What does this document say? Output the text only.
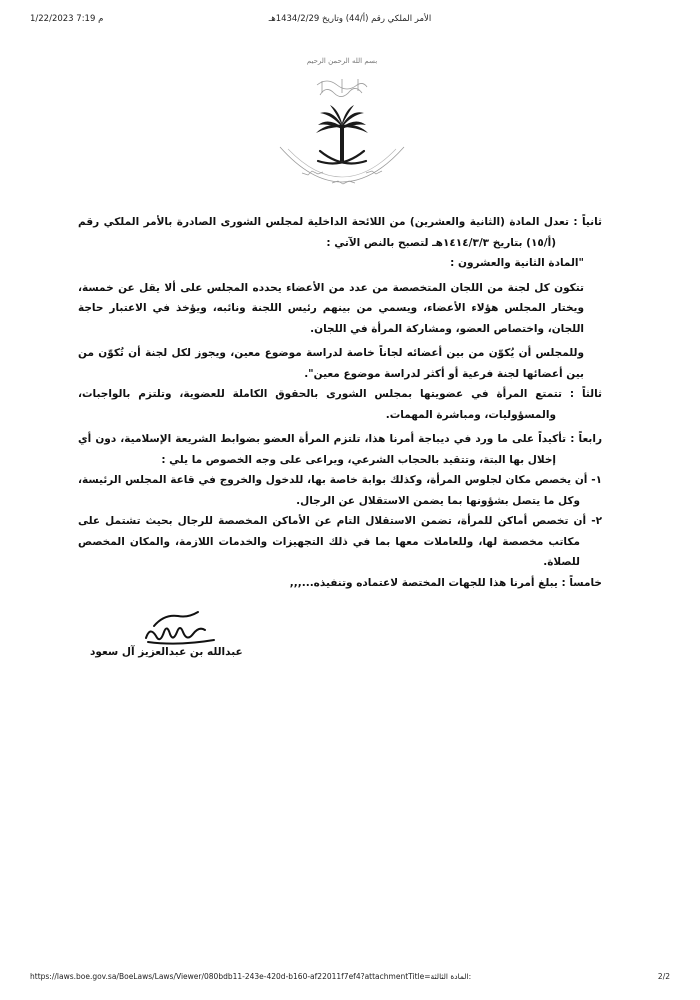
1/22/2023 7:19 م	الأمر الملكي رقم (أ/44) وتاريخ 1434/2/29هـ
بسم الله الرحمن الرحيم

ثانياً : تعدل المادة (الثانية والعشرين) من اللائحة الداخلية لمجلس الشورى الصادرة بالأمر الملكي رقم (أ/١٥) بتاريخ ١٤١٤/٣/٣هـ لتصبح بالنص الآتي :

"المادة الثانية والعشرون :

تتكون كل لجنة من اللجان المتخصصة من عدد من الأعضاء يحدده المجلس على ألا يقل عن خمسة، ويختار المجلس هؤلاء الأعضاء، ويسمي من بينهم رئيس اللجنة ونائبه، ويؤخذ في الاعتبار حاجة اللجان، واختصاص العضو، ومشاركة المرأة في اللجان.

وللمجلس أن يُكوّن من بين أعضائه لجاناً خاصة لدراسة موضوع معين، ويجوز لكل لجنة أن تُكوّن من بين أعضائها لجنة فرعية أو أكثر لدراسة موضوع معين".

ثالثاً : تتمتع المرأة في عضويتها بمجلس الشورى بالحقوق الكاملة للعضوية، وتلتزم بالواجبات، والمسؤوليات، ومباشرة المهمات.

رابعاً : تأكيداً على ما ورد في ديباجة أمرنا هذا، تلتزم المرأة العضو بضوابط الشريعة الإسلامية، دون أي إخلال بها البتة، وتتقيد بالحجاب الشرعي، ويراعى على وجه الخصوص ما يلي :

١- أن يخصص مكان لجلوس المرأة، وكذلك بوابة خاصة بها، للدخول والخروج في قاعة المجلس الرئيسة، وكل ما يتصل بشؤونها بما يضمن الاستقلال عن الرجال.

٢- أن تخصص أماكن للمرأة، تضمن الاستقلال التام عن الأماكن المخصصة للرجال بحيث تشتمل على مكاتب مخصصة لها، وللعاملات معها بما في ذلك التجهيزات والخدمات اللازمة، والمكان المخصص للصلاة.

خامساً : يبلغ أمرنا هذا للجهات المختصة لاعتماده وتنفيذه...,,,

عبدالله بن عبدالعزيز آل سعود
https://laws.boe.gov.sa/BoeLaws/Laws/Viewer/080bdb11-243e-420d-b160-af22011f7ef4?attachmentTitle=المادة الثالثة:	2/2
